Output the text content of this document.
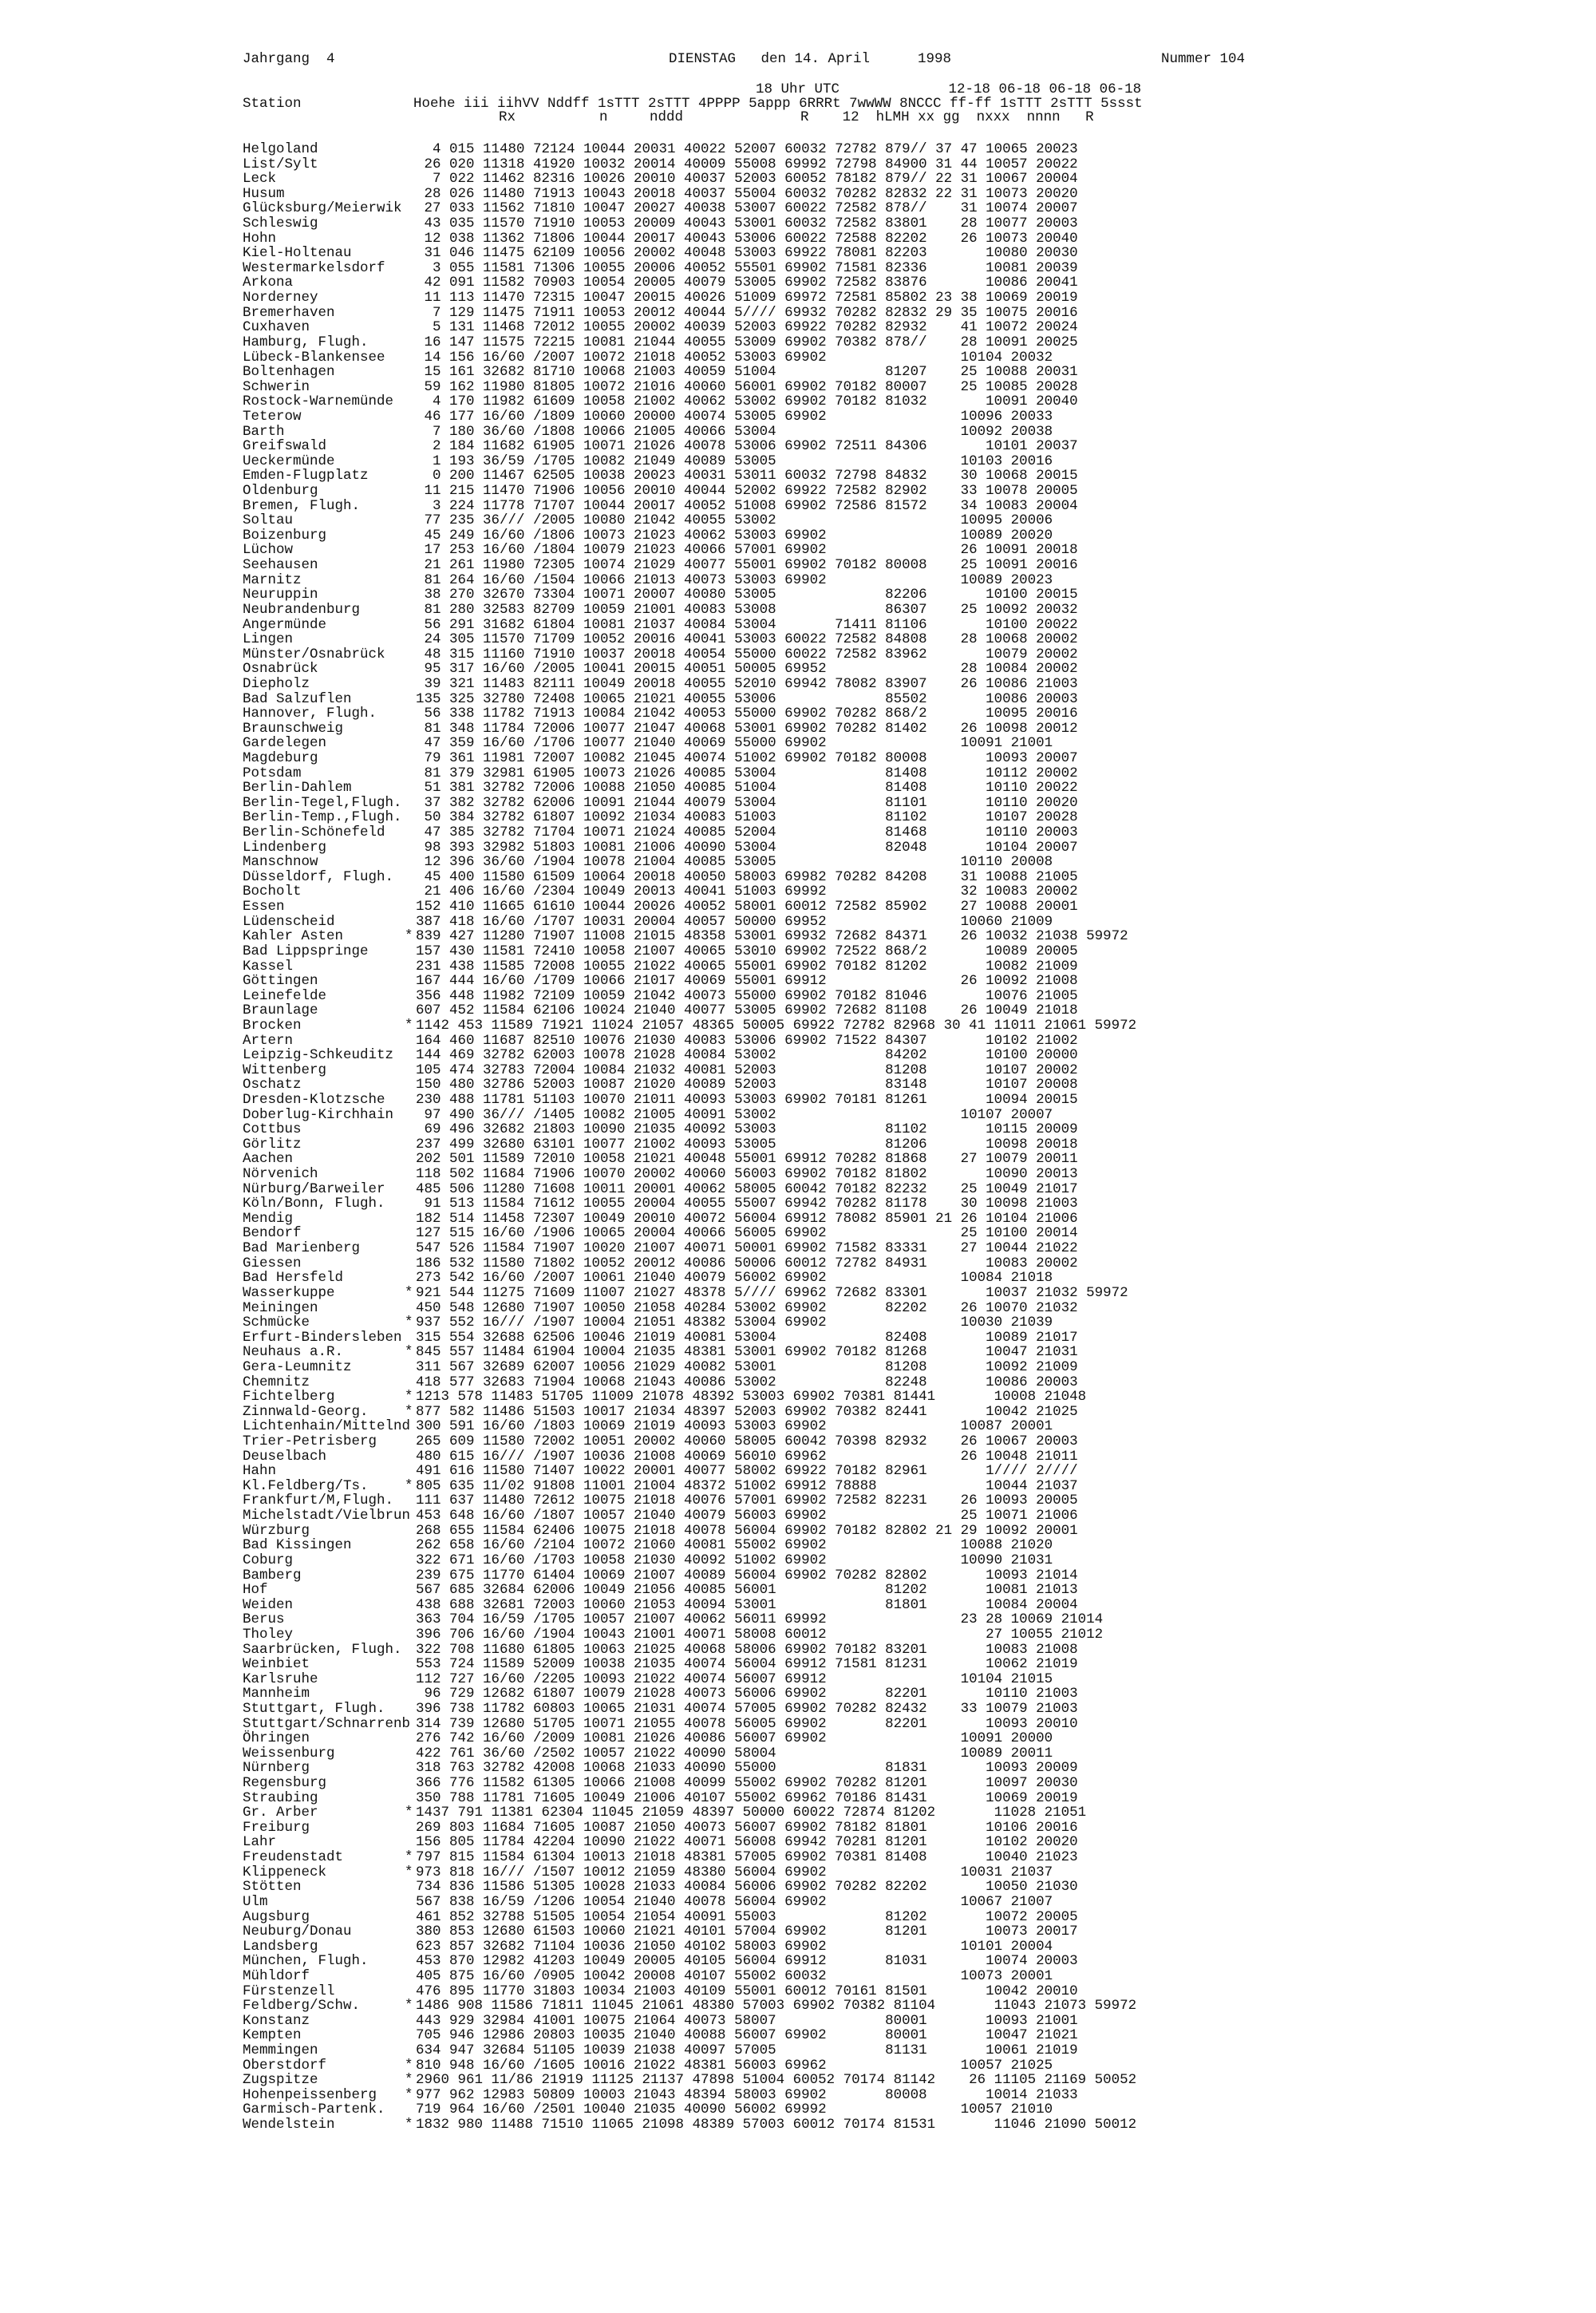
Jahrgang  4	DIENSTAG   den 14. April	1998	Nummer 104
18 Uhr UTC             12-18 06-18 06-18 06-18
Station	Hoehe iii iihVV Nddff 1sTTT 2sTTT 4PPPP 5appp 6RRRt 7wwWW 8NCCC ff-ff 1sTTT 2sTTT 5ssst
Rx          n     nddd              R    12  hLMH xx gg  nxxx  nnnn   R
Helgoland	4 015 11480 72124 10044 20031 40022 52007 60032 72782 879// 37 47 10065 20023
List/Sylt	26 020 11318 41920 10032 20014 40009 55008 69992 72798 84900 31 44 10057 20022
Leck	7 022 11462 82316 10026 20010 40037 52003 60052 78182 879// 22 31 10067 20004
Husum	28 026 11480 71913 10043 20018 40037 55004 60032 70282 82832 22 31 10073 20020
Glücksburg/Meierwik 27 033 11562 71810 10047 20027 40038 53007 60022 72582 878//    31 10074 20007
Schleswig	43 035 11570 71910 10053 20009 40043 53001 60032 72582 83801    28 10077 20003
Hohn	12 038 11362 71806 10044 20017 40043 53006 60022 72588 82202    26 10073 20040
Kiel-Holtenau	31 046 11475 62109 10056 20002 40048 53003 69922 78081 82203       10080 20030
Westermarkelsdorf  3 055 11581 71306 10055 20006 40052 55501 69902 71581 82336       10081 20039
Arkona	42 091 11582 70903 10054 20005 40079 53005 69902 72582 83876       10086 20041
Norderney	11 113 11470 72315 10047 20015 40026 51009 69972 72581 85802 23 38 10069 20019
Bremerhaven	7 129 11475 71911 10053 20012 40044 5//// 69932 70282 82832 29 35 10075 20016
Cuxhaven	5 131 11468 72012 10055 20002 40039 52003 69922 70282 82932    41 10072 20024
Hamburg, Flugh.	16 147 11575 72215 10081 21044 40055 53009 69902 70382 878//    28 10091 20025
Lübeck-Blankensee 14 156 16/60 /2007 10072 21018 40052 53003 69902                10104 20032
Boltenhagen	15 161 32682 81710 10068 21003 40059 51004             81207    25 10088 20031
Schwerin	59 162 11980 81805 10072 21016 40060 56001 69902 70182 80007    25 10085 20028
Rostock-Warnemünde  4 170 11982 61609 10058 21002 40062 53002 69902 70182 81032       10091 20040
Teterow	46 177 16/60 /1809 10060 20000 40074 53005 69902                10096 20033
Barth	7 180 36/60 /1808 10066 21005 40066 53004                      10092 20038
Greifswald	2 184 11682 61905 10071 21026 40078 53006 69902 72511 84306       10101 20037
Ueckermünde	1 193 36/59 /1705 10082 21049 40089 53005                      10103 20016
Emden-Flugplatz	0 200 11467 62505 10038 20023 40031 53011 60032 72798 84832    30 10068 20015
Oldenburg	11 215 11470 71906 10056 20010 40044 52002 69922 72582 82902    33 10078 20005
Bremen, Flugh.	3 224 11778 71707 10044 20017 40052 51008 69902 72586 81572    34 10083 20004
Soltau	77 235 36/// /2005 10080 21042 40055 53002                      10095 20006
Boizenburg	45 249 16/60 /1806 10073 21023 40062 53003 69902                10089 20020
Lüchow	17 253 16/60 /1804 10079 21023 40066 57001 69902                26 10091 20018
Seehausen	21 261 11980 72305 10074 21029 40077 55001 69902 70182 80008    25 10091 20016
Marnitz	81 264 16/60 /1504 10066 21013 40073 53003 69902                10089 20023
Neuruppin	38 270 32670 73304 10071 20007 40080 53005             82206       10100 20015
Neubrandenburg	81 280 32583 82709 10059 21001 40083 53008             86307    25 10092 20032
Angermünde	56 291 31682 61804 10081 21037 40084 53004       71411 81106       10100 20022
Lingen	24 305 11570 71709 10052 20016 40041 53003 60022 72582 84808    28 10068 20002
Münster/Osnabrück 48 315 11160 71910 10037 20018 40054 55000 60022 72582 83962       10079 20002
Osnabrück	95 317 16/60 /2005 10041 20015 40051 50005 69952                28 10084 20002
Diepholz	39 321 11483 82111 10049 20018 40055 52010 69942 78082 83907    26 10086 21003
Bad Salzuflen	135 325 32780 72408 10065 21021 40055 53006             85502       10086 20003
Hannover, Flugh.	56 338 11782 71913 10084 21042 40053 55000 69902 70282 868/2       10095 20016
Braunschweig	81 348 11784 72006 10077 21047 40068 53001 69902 70282 81402    26 10098 20012
Gardelegen	47 359 16/60 /1706 10077 21040 40069 55000 69902                10091 21001
Magdeburg	79 361 11981 72007 10082 21045 40074 51002 69902 70182 80008       10093 20007
Potsdam	81 379 32981 61905 10073 21026 40085 53004             81408       10112 20002
Berlin-Dahlem	51 381 32782 72006 10088 21050 40085 51004             81408       10110 20022
Berlin-Tegel,Flugh. 37 382 32782 62006 10091 21044 40079 53004             81101       10110 20020
Berlin-Temp.,Flugh. 50 384 32782 61807 10092 21034 40083 51003             81102       10107 20028
Berlin-Schönefeld 47 385 32782 71704 10071 21024 40085 52004             81468       10110 20003
Lindenberg	98 393 32982 51803 10081 21006 40090 53004             82048       10104 20007
Manschnow	12 396 36/60 /1904 10078 21004 40085 53005                      10110 20008
Düsseldorf, Flugh. 45 400 11580 61509 10064 20018 40050 58003 69982 70282 84208    31 10088 21005
Bocholt	21 406 16/60 /2304 10049 20013 40041 51003 69992                32 10083 20002
Essen	152 410 11665 61610 10044 20026 40052 58001 60012 72582 85902    27 10088 20001
Lüdenscheid	387 418 16/60 /1707 10031 20004 40057 50000 69952                10060 21009
Kahler Asten	* 839 427 11280 71907 11008 21015 48358 53001 69932 72682 84371    26 10032 21038 59972
Bad Lippspringe	157 430 11581 72410 10058 21007 40065 53010 69902 72522 868/2       10089 20005
Kassel	231 438 11585 72008 10055 21022 40065 55001 69902 70182 81202       10082 21009
Göttingen	167 444 16/60 /1709 10066 21017 40069 55001 69912                26 10092 21008
Leinefelde	356 448 11982 72109 10059 21042 40073 55000 69902 70182 81046       10076 21005
Braunlage	607 452 11584 62106 10024 21040 40077 53005 69902 72682 81108    26 10049 21018
Brocken	* 1142 453 11589 71921 11024 21057 48365 50005 69922 72782 82968 30 41 11011 21061 59972
Artern	164 460 11687 82510 10076 21030 40083 53006 69902 71522 84307       10102 21002
Leipzig-Schkeuditz 144 469 32782 62003 10078 21028 40084 53002             84202       10100 20000
Wittenberg	105 474 32783 72004 10084 21032 40081 52003             81208       10107 20002
Oschatz	150 480 32786 52003 10087 21020 40089 52003             83148       10107 20008
Dresden-Klotzsche 230 488 11781 51103 10070 21011 40093 53003 69902 70181 81261       10094 20015
Doberlug-Kirchhain 97 490 36/// /1405 10082 21005 40091 53002                      10107 20007
Cottbus	69 496 32682 21803 10090 21035 40092 53003             81102       10115 20009
Görlitz	237 499 32680 63101 10077 21002 40093 53005             81206       10098 20018
Aachen	202 501 11589 72010 10058 21021 40048 55001 69912 70282 81868    27 10079 20011
Nörvenich	118 502 11684 71906 10070 20002 40060 56003 69902 70182 81802       10090 20013
Nürburg/Barweiler 485 506 11280 71608 10011 20001 40062 58005 60042 70182 82232    25 10049 21017
Köln/Bonn, Flugh. 91 513 11584 71612 10055 20004 40055 55007 69942 70282 81178    30 10098 21003
Mendig	182 514 11458 72307 10049 20010 40072 56004 69912 78082 85901 21 26 10104 21006
Bendorf	127 515 16/60 /1906 10065 20004 40066 56005 69902                25 10100 20014
Bad Marienberg	547 526 11584 71907 10020 21007 40071 50001 69902 71582 83331    27 10044 21022
Giessen	186 532 11580 71802 10052 20012 40086 50006 60012 72782 84931       10083 20002
Bad Hersfeld	273 542 16/60 /2007 10061 21040 40079 56002 69902                10084 21018
Wasserkuppe	* 921 544 11275 71609 11007 21027 48378 5//// 69962 72682 83301       10037 21032 59972
Meiningen	450 548 12680 71907 10050 21058 40284 53002 69902       82202    26 10070 21032
Schmücke	* 937 552 16/// /1907 10004 21051 48382 53004 69902                10030 21039
Erfurt-Bindersleben 315 554 32688 62506 10046 21019 40081 53004             82408       10089 21017
Neuhaus a.R.	* 845 557 11484 61904 10004 21035 48381 53001 69902 70182 81268       10047 21031
Gera-Leumnitz	311 567 32689 62007 10056 21029 40082 53001             81208       10092 21009
Chemnitz	418 577 32683 71904 10068 21043 40086 53002             82248       10086 20003
Fichtelberg	* 1213 578 11483 51705 11009 21078 48392 53003 69902 70381 81441       10008 21048
Zinnwald-Georg.	* 877 582 11486 51503 10017 21034 48397 52003 69902 70382 82441       10042 21025
Lichtenhain/Mittelnd 300 591 16/60 /1803 10069 21019 40093 53003 69902                10087 20001
Trier-Petrisberg	265 609 11580 72002 10051 20002 40060 58005 60042 70398 82932    26 10067 20003
Deuselbach	480 615 16/// /1907 10036 21008 40069 56010 69962                26 10048 21011
Hahn	491 616 11580 71407 10022 20001 40077 58002 69922 70182 82961       1//// 2////
Kl.Feldberg/Ts.	* 805 635 11/02 91808 11001 21004 48372 51002 69912 78888             10044 21037
Frankfurt/M,Flugh. 111 637 11480 72612 10075 21018 40076 57001 69902 72582 82231    26 10093 20005
Michelstadt/Vielbrun 453 648 16/60 /1807 10057 21040 40079 56003 69902                25 10071 21006
Würzburg	268 655 11584 62406 10075 21018 40078 56004 69902 70182 82802 21 29 10092 20001
Bad Kissingen	262 658 16/60 /2104 10072 21060 40081 55002 69902                10088 21020
Coburg	322 671 16/60 /1703 10058 21030 40092 51002 69902                10090 21031
Bamberg	239 675 11770 61404 10069 21007 40089 56004 69902 70282 82802       10093 21014
Hof	567 685 32684 62006 10049 21056 40085 56001             81202       10081 21013
Weiden	438 688 32681 72003 10060 21053 40094 53001             81801       10084 20004
Berus	363 704 16/59 /1705 10057 21007 40062 56011 69992                23 28 10069 21014
Tholey	396 706 16/60 /1904 10043 21001 40071 58008 60012                   27 10055 21012
Saarbrücken, Flugh. 322 708 11680 61805 10063 21025 40068 58006 69902 70182 83201       10083 21008
Weinbiet	553 724 11589 52009 10038 21035 40074 56004 69912 71581 81231       10062 21019
Karlsruhe	112 727 16/60 /2205 10093 21022 40074 56007 69912                10104 21015
Mannheim	96 729 12682 61807 10079 21028 40073 56006 69902       82201       10110 21003
Stuttgart, Flugh. 396 738 11782 60803 10065 21031 40074 57005 69902 70282 82432    33 10079 21003
Stuttgart/Schnarrenb 314 739 12680 51705 10071 21055 40078 56005 69902       82201       10093 20010
Öhringen	276 742 16/60 /2009 10081 21026 40086 56007 69902                10091 20000
Weissenburg	422 761 36/60 /2502 10057 21022 40090 58004                      10089 20011
Nürnberg	318 763 32782 42008 10068 21033 40090 55000             81831       10093 20009
Regensburg	366 776 11582 61305 10066 21008 40099 55002 69902 70282 81201       10097 20030
Straubing	350 788 11781 71605 10049 21006 40107 55002 69962 70186 81431       10069 20019
Gr. Arber	* 1437 791 11381 62304 11045 21059 48397 50000 60022 72874 81202       11028 21051
Freiburg	269 803 11684 71605 10087 21050 40073 56007 69902 78182 81801       10106 20016
Lahr	156 805 11784 42204 10090 21022 40071 56008 69942 70281 81201       10102 20020
Freudenstadt	* 797 815 11584 61304 10013 21018 48381 57005 69902 70381 81408       10040 21023
Klippeneck	* 973 818 16/// /1507 10012 21059 48380 56004 69902                10031 21037
Stötten	734 836 11586 51305 10028 21033 40084 56006 69902 70282 82202       10050 21030
Ulm	567 838 16/59 /1206 10054 21040 40078 56004 69902                10067 21007
Augsburg	461 852 32788 51505 10054 21054 40091 55003             81202       10072 20005
Neuburg/Donau	380 853 12680 61503 10060 21021 40101 57004 69902       81201       10073 20017
Landsberg	623 857 32682 71104 10036 21050 40102 58003 69902                10101 20004
München, Flugh.	453 870 12982 41203 10049 20005 40105 56004 69912       81031       10074 20003
Mühldorf	405 875 16/60 /0905 10042 20008 40107 55002 60032                10073 20001
Fürstenzell	476 895 11770 31803 10034 21003 40109 55001 60012 70161 81501       10042 20010
Feldberg/Schw.	* 1486 908 11586 71811 11045 21061 48380 57003 69902 70382 81104       11043 21073 59972
Konstanz	443 929 32984 41001 10075 21064 40073 58007             80001       10093 21001
Kempten	705 946 12986 20803 10035 21040 40088 56007 69902       80001       10047 21021
Memmingen	634 947 32684 51105 10039 21038 40097 57005             81131       10061 21019
Oberstdorf	* 810 948 16/60 /1605 10016 21022 48381 56003 69962                10057 21025
Zugspitze	* 2960 961 11/86 21919 11125 21137 47898 51004 60052 70174 81142    26 11105 21169 50052
Hohenpeissenberg * 977 962 12983 50809 10003 21043 48394 58003 69902       80008       10014 21033
Garmisch-Partenk. 719 964 16/60 /2501 10040 21035 40090 56002 69992                10057 21010
Wendelstein	* 1832 980 11488 71510 11065 21098 48389 57003 60012 70174 81531       11046 21090 50012
